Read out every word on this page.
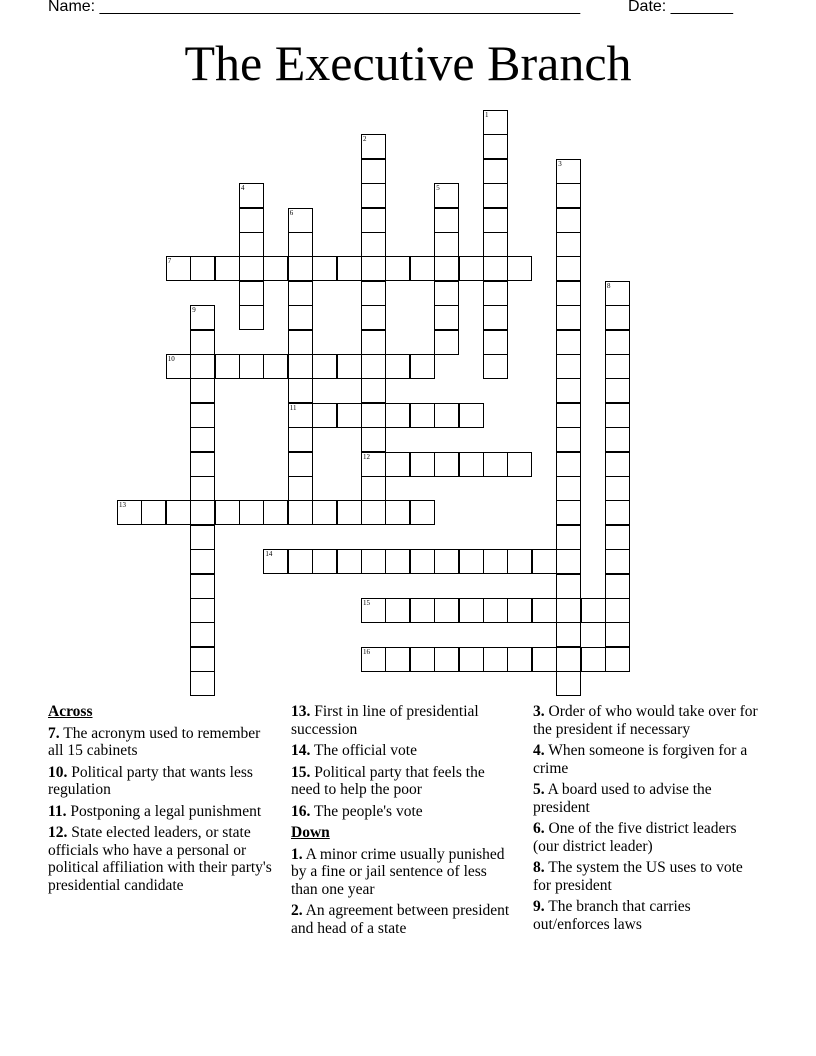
Name: ______________________________________________________	Date: _______
The Executive Branch
1
2
12
3
4	5
6
11
7
8
9
10
13
14
15
16
Across
7. The acronym used to remember all 15 cabinets
10. Political party that wants less regulation
11. Postponing a legal punishment
12. State elected leaders, or state officials who have a personal or political affiliation with their party's presidential candidate
13. First in line of presidential succession
14. The official vote
15. Political party that feels the need to help the poor
16. The people's vote
Down
1. A minor crime usually punished by a fine or jail sentence of less than one year
2. An agreement between president and head of a state
3. Order of who would take over for the president if necessary
4. When someone is forgiven for a crime
5. A board used to advise the president
6. One of the five district leaders (our district leader)
8. The system the US uses to vote for president
9. The branch that carries out/enforces laws
